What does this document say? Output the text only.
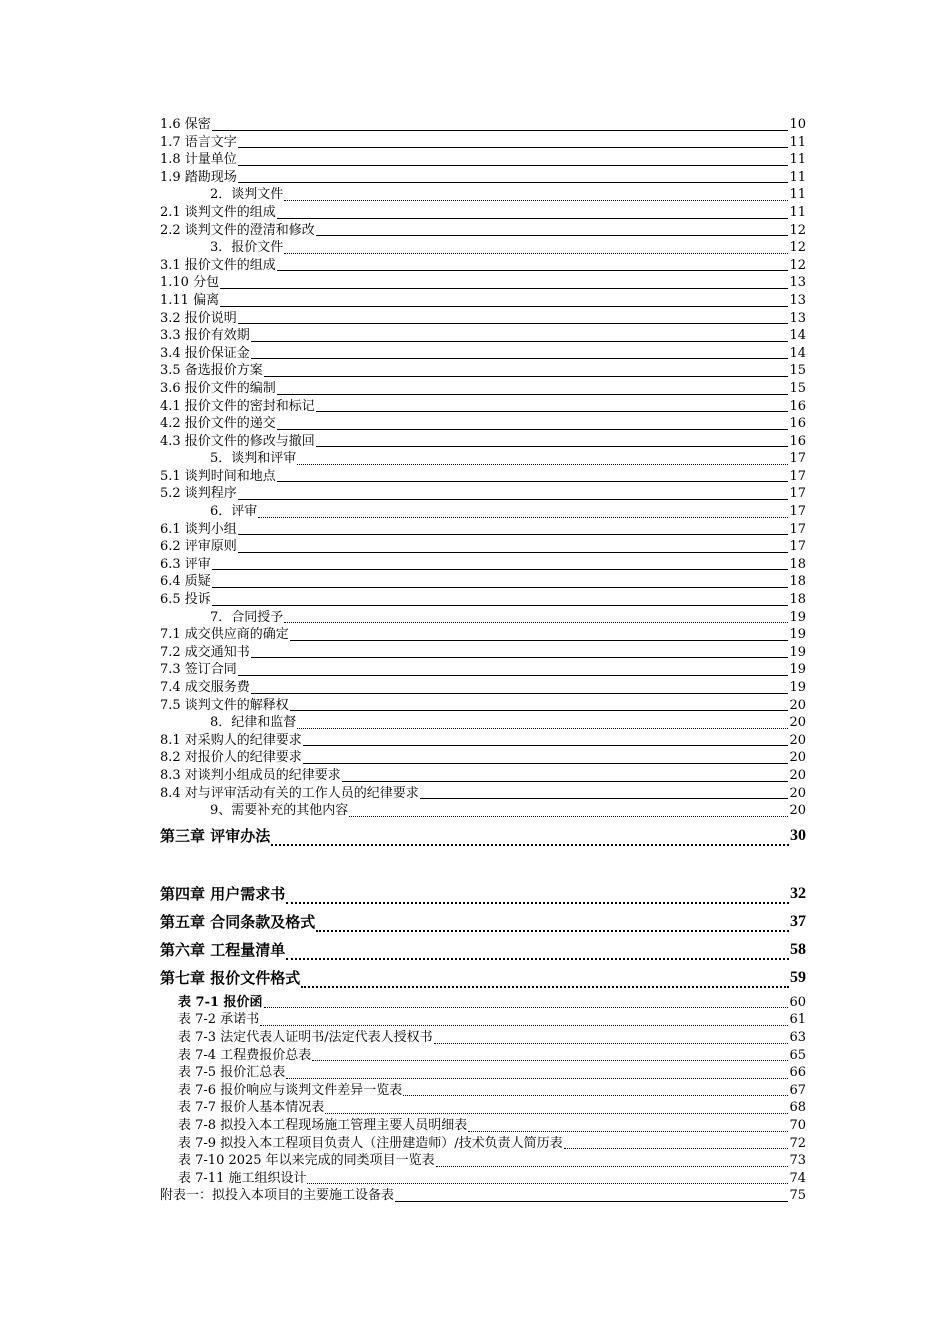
1.6 保密	10
1.7 语言文字	11
1.8 计量单位	11
1.9 踏勘现场	11
2．谈判文件	11
2.1 谈判文件的组成	11
2.2 谈判文件的澄清和修改	12
3．报价文件	12
3.1 报价文件的组成	12
1.10 分包	13
1.11 偏离	13
3.2 报价说明	13
3.3 报价有效期	14
3.4 报价保证金	14
3.5 备选报价方案	15
3.6 报价文件的编制	15
4.1 报价文件的密封和标记	16
4.2 报价文件的递交	16
4.3 报价文件的修改与撤回	16
5．谈判和评审	17
5.1 谈判时间和地点	17
5.2 谈判程序	17
6．评审	17
6.1 谈判小组	17
6.2 评审原则	17
6.3 评审	18
6.4 质疑	18
6.5 投诉	18
7．合同授予	19
7.1 成交供应商的确定	19
7.2 成交通知书	19
7.3 签订合同	19
7.4 成交服务费	19
7.5 谈判文件的解释权	20
8．纪律和监督	20
8.1 对采购人的纪律要求	20
8.2 对报价人的纪律要求	20
8.3 对谈判小组成员的纪律要求	20
8.4 对与评审活动有关的工作人员的纪律要求	20
9、需要补充的其他内容	20
第三章 评审办法	30
第四章 用户需求书	32
第五章 合同条款及格式	37
第六章 工程量清单	58
第七章 报价文件格式	59
表 7-1 报价函	60
表 7-2 承诺书	61
表 7-3 法定代表人证明书/法定代表人授权书	63
表 7-4 工程费报价总表	65
表 7-5 报价汇总表	66
表 7-6 报价响应与谈判文件差异一览表	67
表 7-7 报价人基本情况表	68
表 7-8 拟投入本工程现场施工管理主要人员明细表	70
表 7-9 拟投入本工程项目负责人（注册建造师）/技术负责人简历表	72
表 7-10 2025 年以来完成的同类项目一览表	73
表 7-11 施工组织设计	74
附表一：拟投入本项目的主要施工设备表	75
